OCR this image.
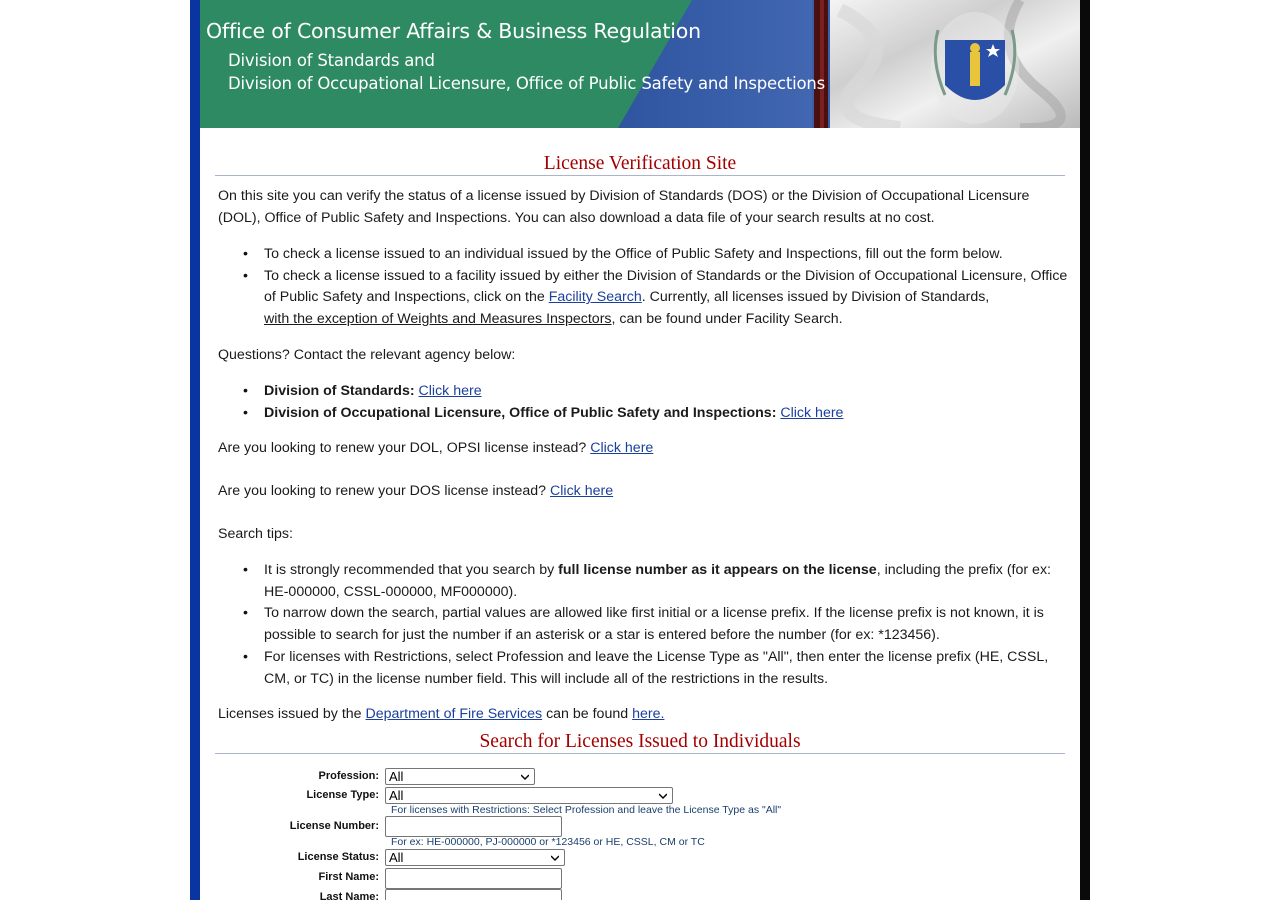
Office of Consumer Affairs & Business Regulation
Division of Standards and
Division of Occupational Licensure, Office of Public Safety and Inspections
License Verification Site

On this site you can verify the status of a license issued by Division of Standards (DOS) or the Division of Occupational Licensure (DOL), Office of Public Safety and Inspections. You can also download a data file of your search results at no cost.

• To check a license issued to an individual issued by the Office of Public Safety and Inspections, fill out the form below.
• To check a license issued to a facility issued by either the Division of Standards or the Division of Occupational Licensure, Office of Public Safety and Inspections, click on the Facility Search. Currently, all licenses issued by Division of Standards,
with the exception of Weights and Measures Inspectors, can be found under Facility Search.

Questions? Contact the relevant agency below:

• Division of Standards: Click here
• Division of Occupational Licensure, Office of Public Safety and Inspections: Click here

Are you looking to renew your DOL, OPSI license instead? Click here

Are you looking to renew your DOS license instead? Click here

Search tips:

• It is strongly recommended that you search by full license number as it appears on the license, including the prefix (for ex: HE-000000, CSSL-000000, MF000000).
• To narrow down the search, partial values are allowed like first initial or a license prefix. If the license prefix is not known, it is possible to search for just the number if an asterisk or a star is entered before the number (for ex: *123456).
• For licenses with Restrictions, select Profession and leave the License Type as "All", then enter the license prefix (HE, CSSL, CM, or TC) in the license number field. This will include all of the restrictions in the results.

Licenses issued by the Department of Fire Services can be found here.

Search for Licenses Issued to Individuals
Profession: All
License Type: All
For licenses with Restrictions: Select Profession and leave the License Type as "All"
License Number:
For ex: HE-000000, PJ-000000 or *123456 or HE, CSSL, CM or TC
License Status: All
First Name:
Last Name:
